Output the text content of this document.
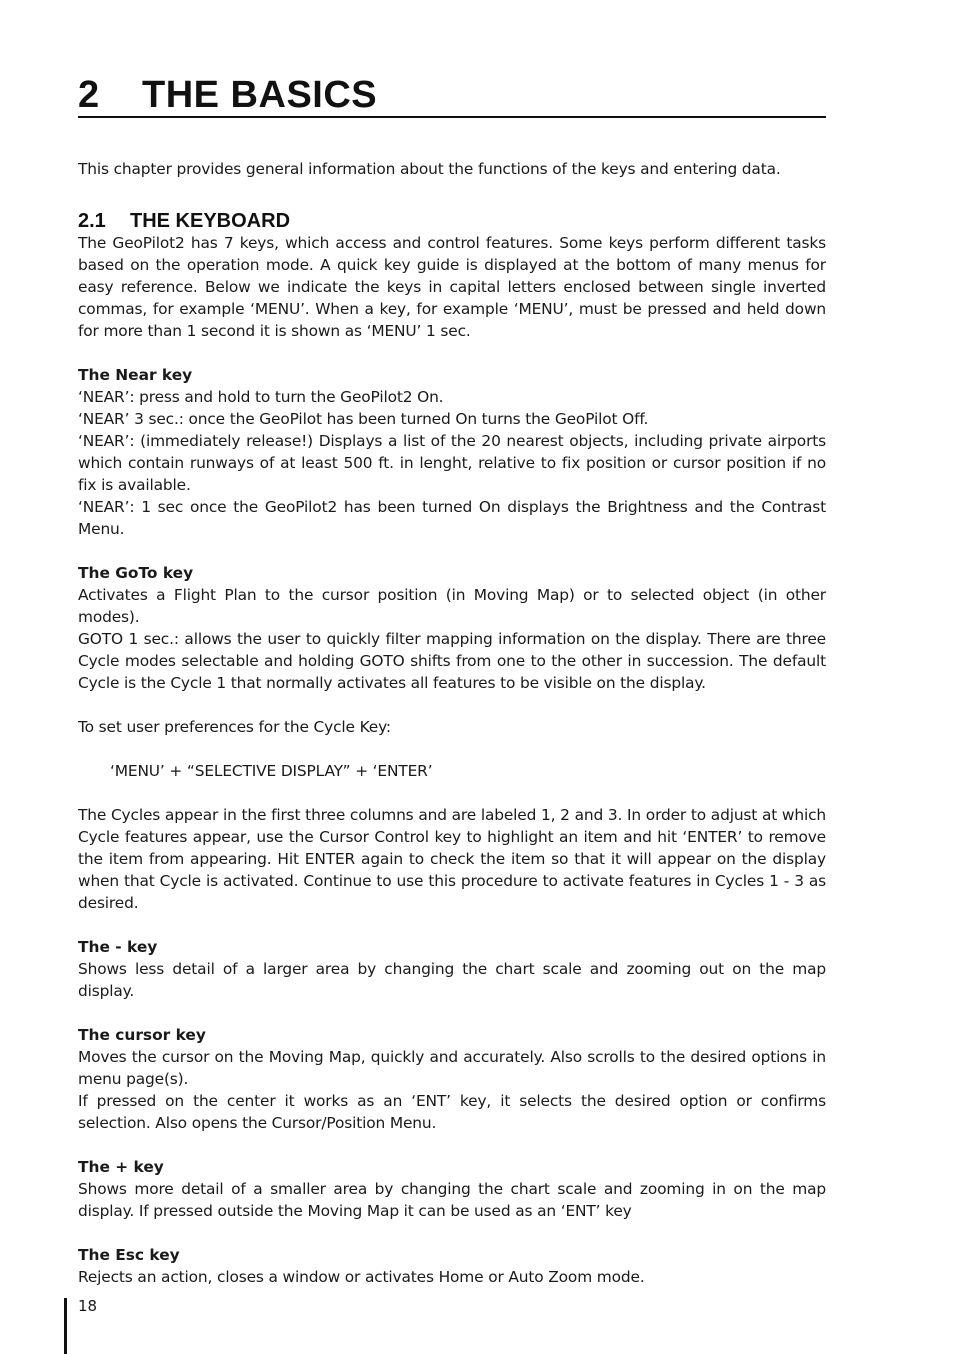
2 THE BASICS

This chapter provides general information about the functions of the keys and entering data.

2.1 THE KEYBOARD

The GeoPilot2 has 7 keys, which access and control features. Some keys perform different tasks based on the operation mode. A quick key guide is displayed at the bottom of many menus for easy reference. Below we indicate the keys in capital letters enclosed between single inverted commas, for example ‘MENU’. When a key, for example ‘MENU’, must be pressed and held down for more than 1 second it is shown as ‘MENU’ 1 sec.

The Near key

‘NEAR’: press and hold to turn the GeoPilot2 On.

‘NEAR’ 3 sec.: once the GeoPilot has been turned On turns the GeoPilot Off.

‘NEAR’: (immediately release!) Displays a list of the 20 nearest objects, including private airports which contain runways of at least 500 ft. in lenght, relative to fix position or cursor position if no fix is available.

‘NEAR’: 1 sec once the GeoPilot2 has been turned On displays the Brightness and the Contrast Menu.

The GoTo key

Activates a Flight Plan to the cursor position (in Moving Map) or to selected object (in other modes).

GOTO 1 sec.: allows the user to quickly filter mapping information on the display. There are three Cycle modes selectable and holding GOTO shifts from one to the other in succession. The default Cycle is the Cycle 1 that normally activates all features to be visible on the display.

To set user preferences for the Cycle Key:

‘MENU’ + “SELECTIVE DISPLAY” + ‘ENTER’

The Cycles appear in the first three columns and are labeled 1, 2 and 3. In order to adjust at which Cycle features appear, use the Cursor Control key to highlight an item and hit ‘ENTER’ to remove the item from appearing. Hit ENTER again to check the item so that it will appear on the display when that Cycle is activated. Continue to use this procedure to activate features in Cycles 1 - 3 as desired.

The - key

Shows less detail of a larger area by changing the chart scale and zooming out on the map display.

The cursor key

Moves the cursor on the Moving Map, quickly and accurately. Also scrolls to the desired options in menu page(s).

If pressed on the center it works as an ‘ENT’ key, it selects the desired option or confirms selection. Also opens the Cursor/Position Menu.

The + key

Shows more detail of a smaller area by changing the chart scale and zooming in on the map display. If pressed outside the Moving Map it can be used as an ‘ENT’ key

The Esc key

Rejects an action, closes a window or activates Home or Auto Zoom mode.

18
